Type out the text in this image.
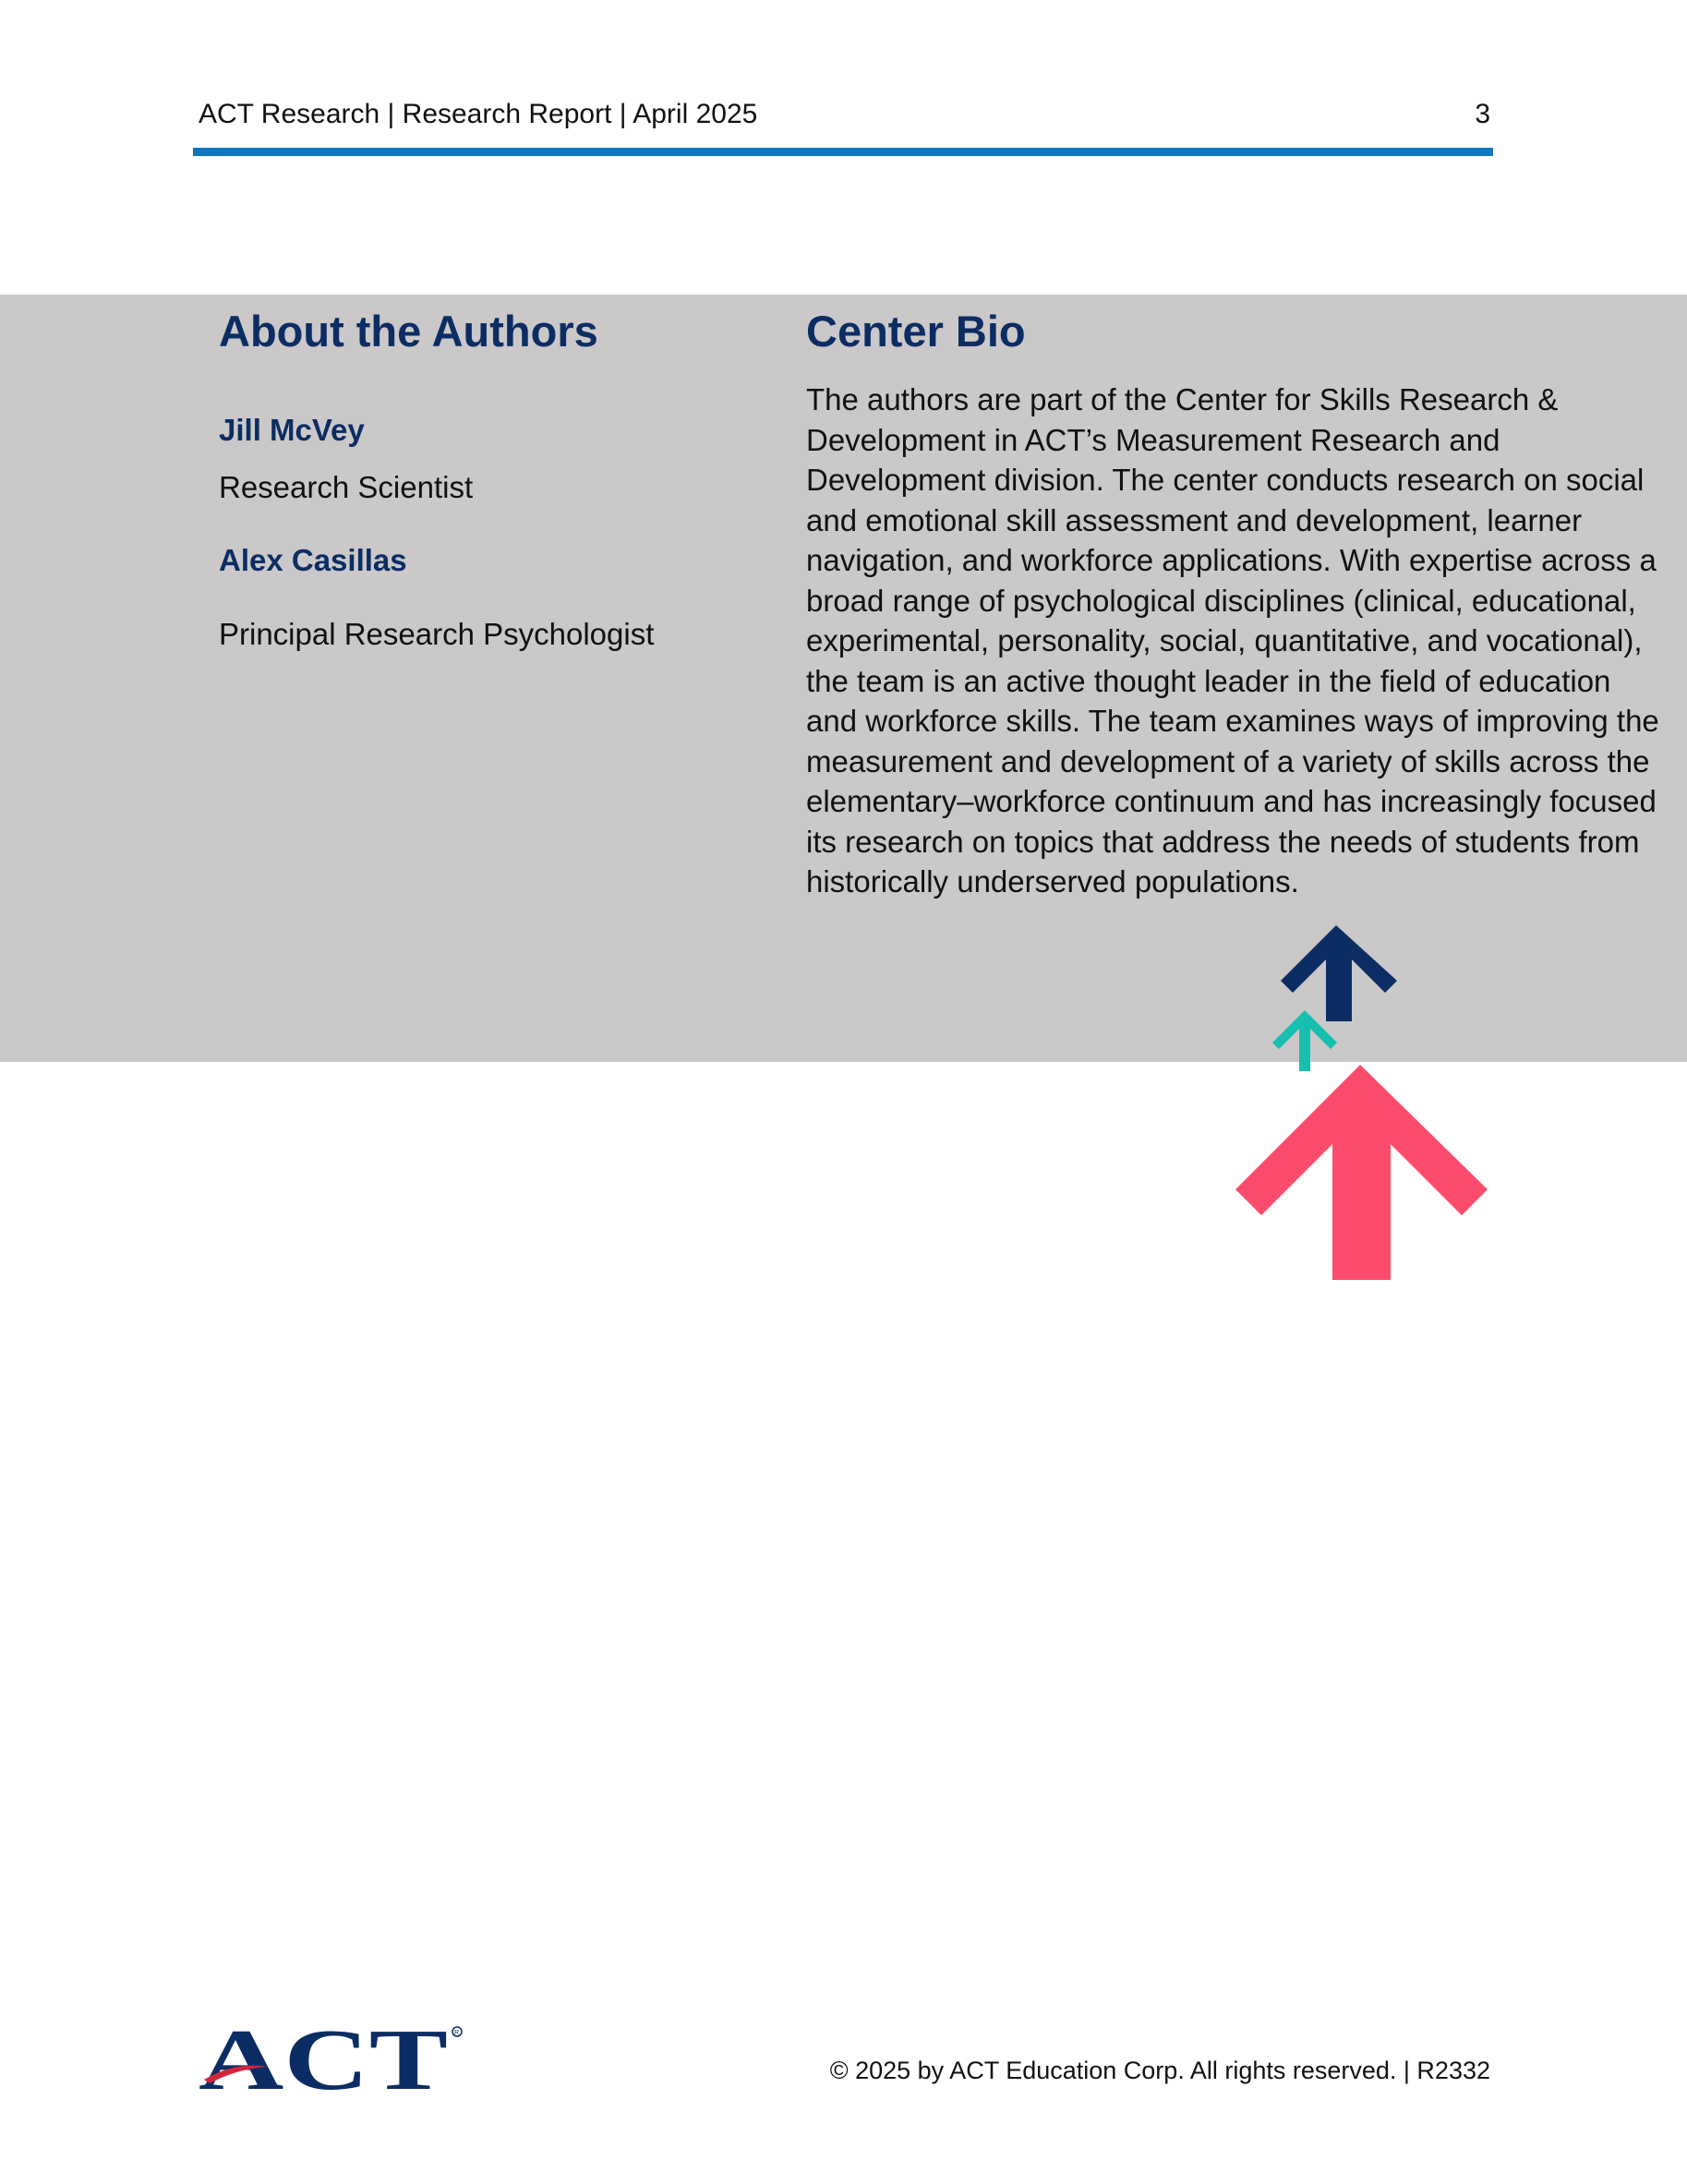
ACT Research | Research Report | April 2025	3
About the Authors
Jill McVey
Research Scientist
Alex Casillas
Principal Research Psychologist
Center Bio

The authors are part of the Center for Skills Research & Development in ACT’s Measurement Research and Development division. The center conducts research on social and emotional skill assessment and development, learner navigation, and workforce applications. With expertise across a broad range of psychological disciplines (clinical, educational, experimental, personality, social, quantitative, and vocational), the team is an active thought leader in the field of education and workforce skills. The team examines ways of improving the measurement and development of a variety of skills across the elementary–workforce continuum and has increasingly focused its research on topics that address the needs of students from historically underserved populations.

ACT R
© 2025 by ACT Education Corp. All rights reserved. | R2332
